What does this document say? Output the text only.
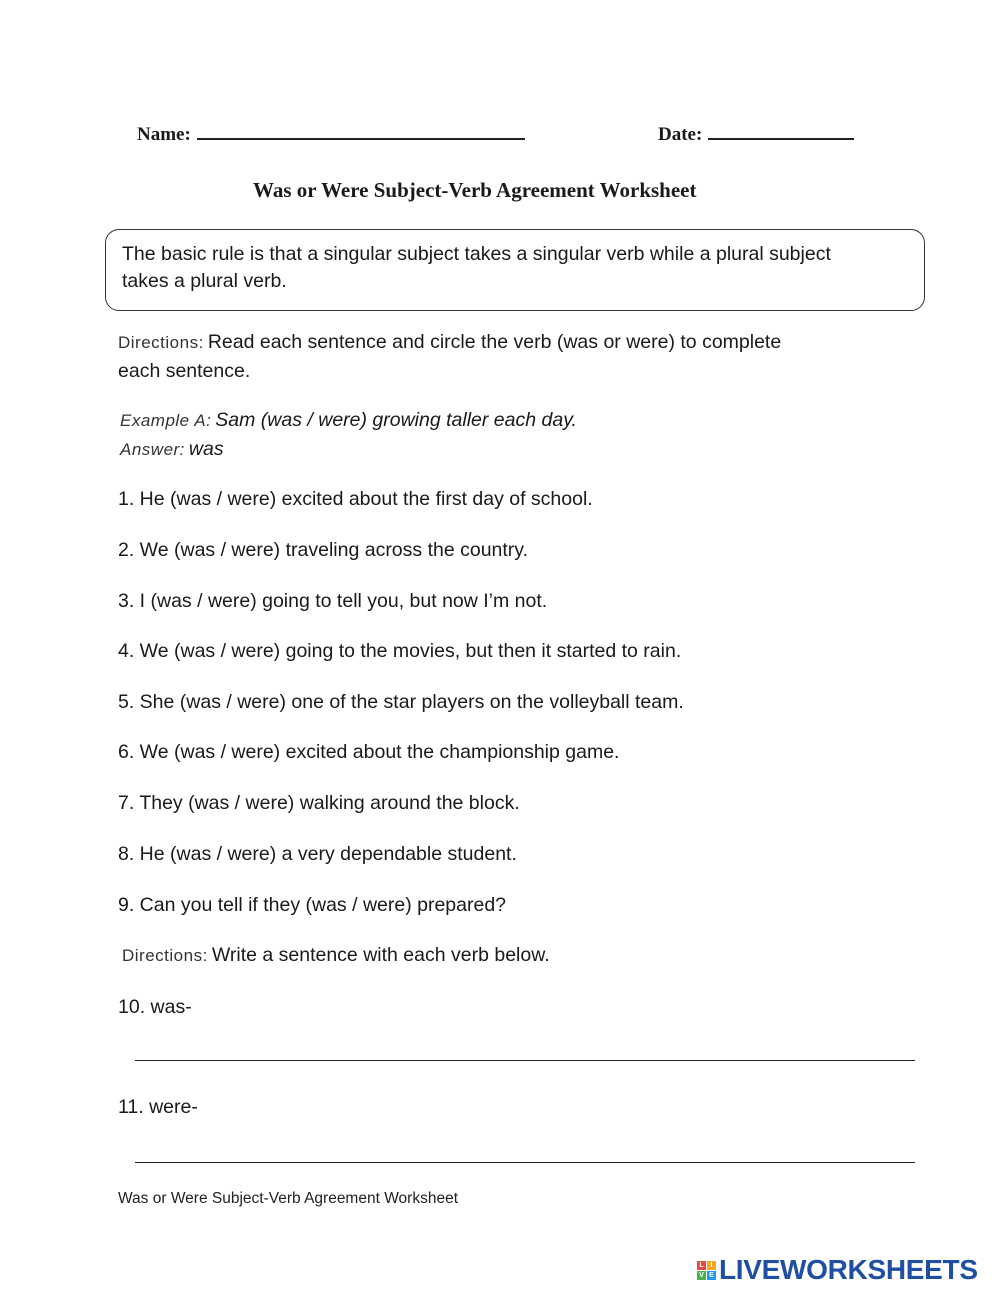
Name:	Date:
Was or Were Subject-Verb Agreement Worksheet
The basic rule is that a singular subject takes a singular verb while a plural subject
takes a plural verb.
Directions: Read each sentence and circle the verb (was or were) to complete
each sentence.
Example A: Sam (was / were) growing taller each day.
Answer: was
1. He (was / were) excited about the first day of school.
2. We (was / were) traveling across the country.
3. I (was / were) going to tell you, but now I’m not.
4. We (was / were) going to the movies, but then it started to rain.
5. She (was / were) one of the star players on the volleyball team.
6. We (was / were) excited about the championship game.
7. They (was / were) walking around the block.
8. He (was / were) a very dependable student.
9. Can you tell if they (was / were) prepared?
Directions: Write a sentence with each verb below.
10. was-
11. were-
Was or Were Subject-Verb Agreement Worksheet
L I
V E LIVEWORKSHEETS
